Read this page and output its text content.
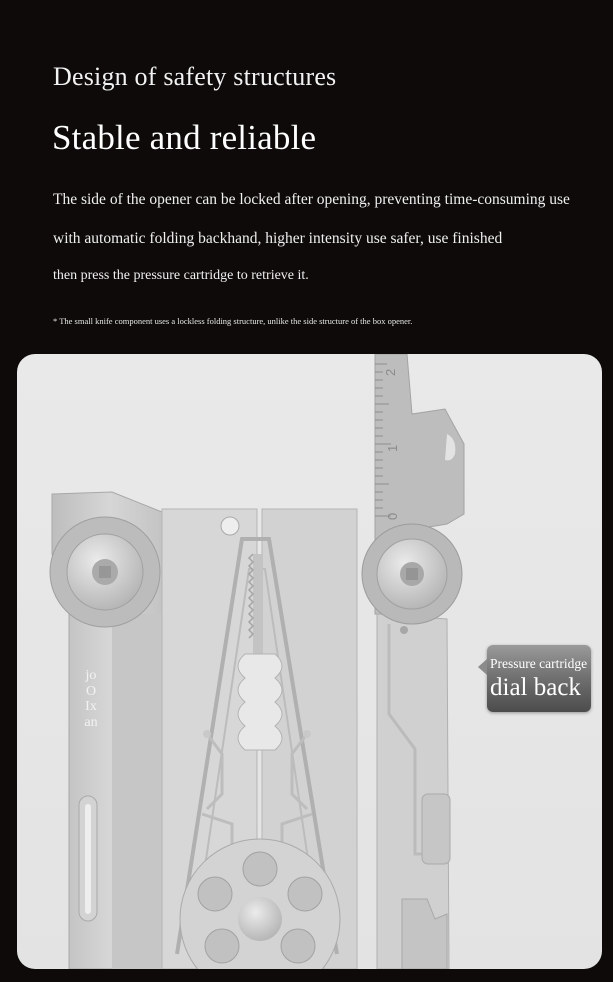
Design of safety structures
Stable and reliable
The side of the opener can be locked after opening, preventing time-consuming use
with automatic folding backhand, higher intensity use safer, use finished
then press the pressure cartridge to retrieve it.
* The small knife component uses a lockless folding structure, unlike the side structure of the box opener.
2
1
0
joOIxan
Pressure cartridge
dial back
